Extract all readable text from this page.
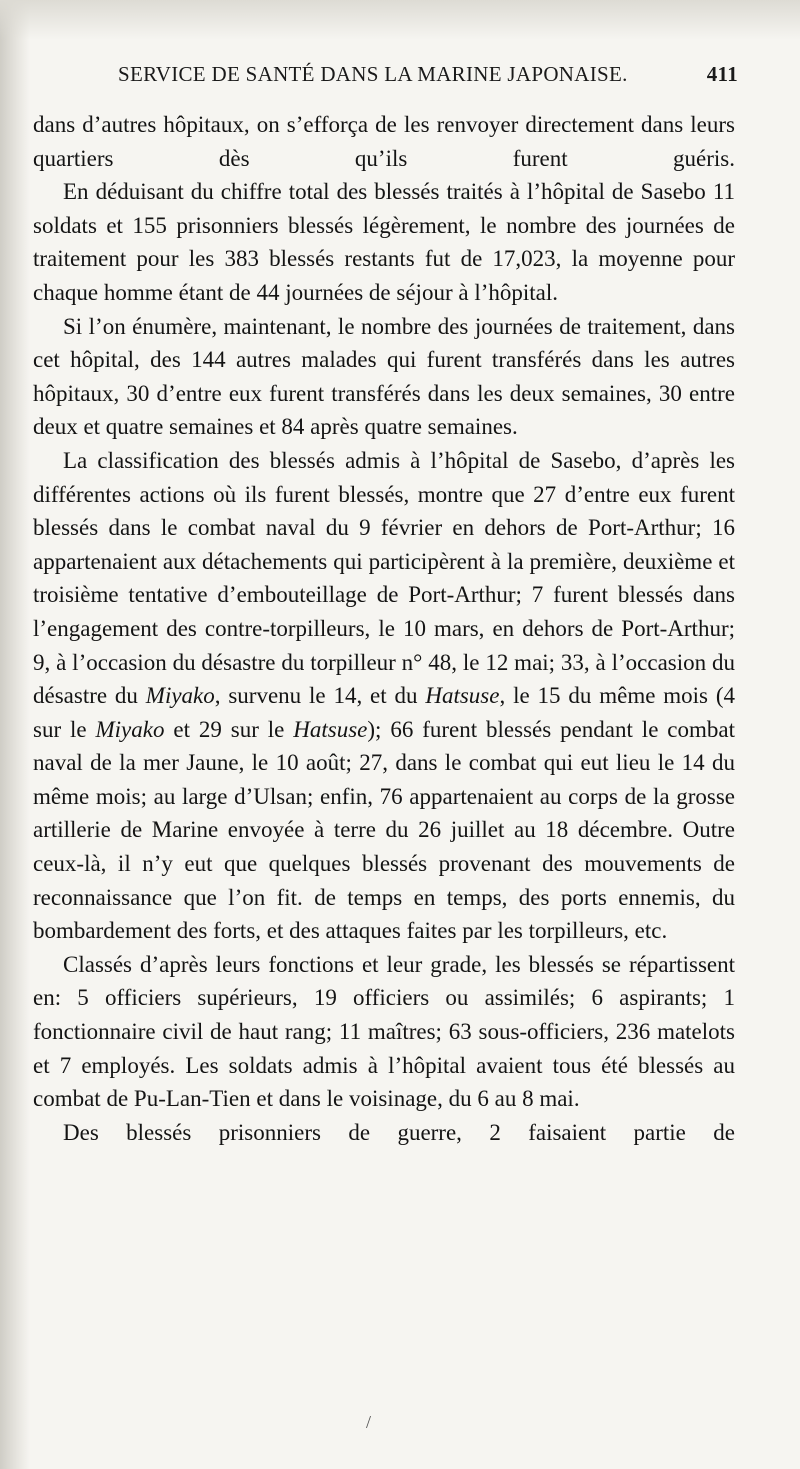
SERVICE DE SANTÉ DANS LA MARINE JAPONAISE.	411

dans d’autres hôpitaux, on s’efforça de les renvoyer directement dans leurs quartiers dès qu’ils furent guéris.

En déduisant du chiffre total des blessés traités à l’hôpital de Sasebo 11 soldats et 155 prisonniers blessés légèrement, le nombre des journées de traitement pour les 383 blessés restants fut de 17,023, la moyenne pour chaque homme étant de 44 journées de séjour à l’hôpital.

Si l’on énumère, maintenant, le nombre des journées de traitement, dans cet hôpital, des 144 autres malades qui furent transférés dans les autres hôpitaux, 30 d’entre eux furent transférés dans les deux semaines, 30 entre deux et quatre semaines et 84 après quatre semaines.

La classification des blessés admis à l’hôpital de Sasebo, d’après les différentes actions où ils furent blessés, montre que 27 d’entre eux furent blessés dans le combat naval du 9 février en dehors de Port-Arthur; 16 appartenaient aux détachements qui participèrent à la première, deuxième et troisième tentative d’embouteillage de Port-Arthur; 7 furent blessés dans l’engagement des contre-torpilleurs, le 10 mars, en dehors de Port-Arthur; 9, à l’occasion du désastre du torpilleur n° 48, le 12 mai; 33, à l’occasion du désastre du Miyako, survenu le 14, et du Hatsuse, le 15 du même mois (4 sur le Miyako et 29 sur le Hatsuse); 66 furent blessés pendant le combat naval de la mer Jaune, le 10 août; 27, dans le combat qui eut lieu le 14 du même mois; au large d’Ulsan; enfin, 76 appartenaient au corps de la grosse artillerie de Marine envoyée à terre du 26 juillet au 18 décembre. Outre ceux-là, il n’y eut que quelques blessés provenant des mouvements de reconnaissance que l’on fit. de temps en temps, des ports ennemis, du bombardement des forts, et des attaques faites par les torpilleurs, etc.

Classés d’après leurs fonctions et leur grade, les blessés se répartissent en: 5 officiers supérieurs, 19 officiers ou assimilés; 6 aspirants; 1 fonctionnaire civil de haut rang; 11 maîtres; 63 sous-officiers, 236 matelots et 7 employés. Les soldats admis à l’hôpital avaient tous été blessés au combat de Pu-Lan-Tien et dans le voisinage, du 6 au 8 mai.

Des blessés prisonniers de guerre, 2 faisaient partie de

/
